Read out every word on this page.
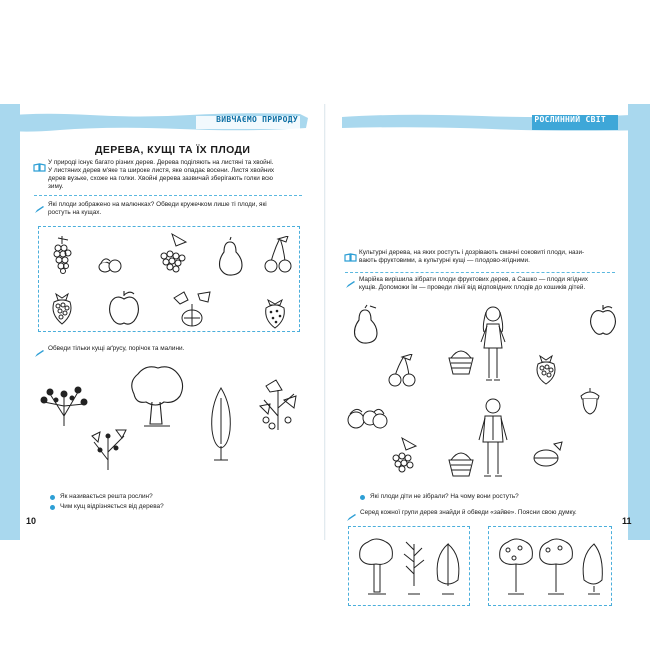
ВИВЧАЄМО ПРИРОДУ
ДЕРЕВА, КУЩІ ТА ЇХ ПЛОДИ
У природі існує багато різних дерев. Дерева поділяють на листяні та хвойні.
У листяних дерев м'яке та широке листя, яке опадає восени. Листя хвойних
дерев вузьке, схоже на голки. Хвойні дерева зазвичай зберігають голки всю
зиму.
Які плоди зображено на малюнках? Обведи кружечком лише ті плоди, які
ростуть на кущах.
Обведи тільки кущі аґрусу, порічок та малини.
Як називається решта рослин?
Чим кущ відрізняється від дерева?
10
РОСЛИННИЙ СВІТ
Культурні дерева, на яких ростуть і дозрівають смачні соковиті плоди, нази-
вають фруктовими, а культурні кущі — плодово-ягідними.
Марійка вирішила зібрати плоди фруктових дерев, а Сашко — плоди ягідних
кущів. Допоможи їм — проведи лінії від відповідних плодів до кошиків дітей.
Які плоди діти не зібрали? На чому вони ростуть?
Серед кожної групи дерев знайди й обведи «зайве». Поясни свою думку.
11
